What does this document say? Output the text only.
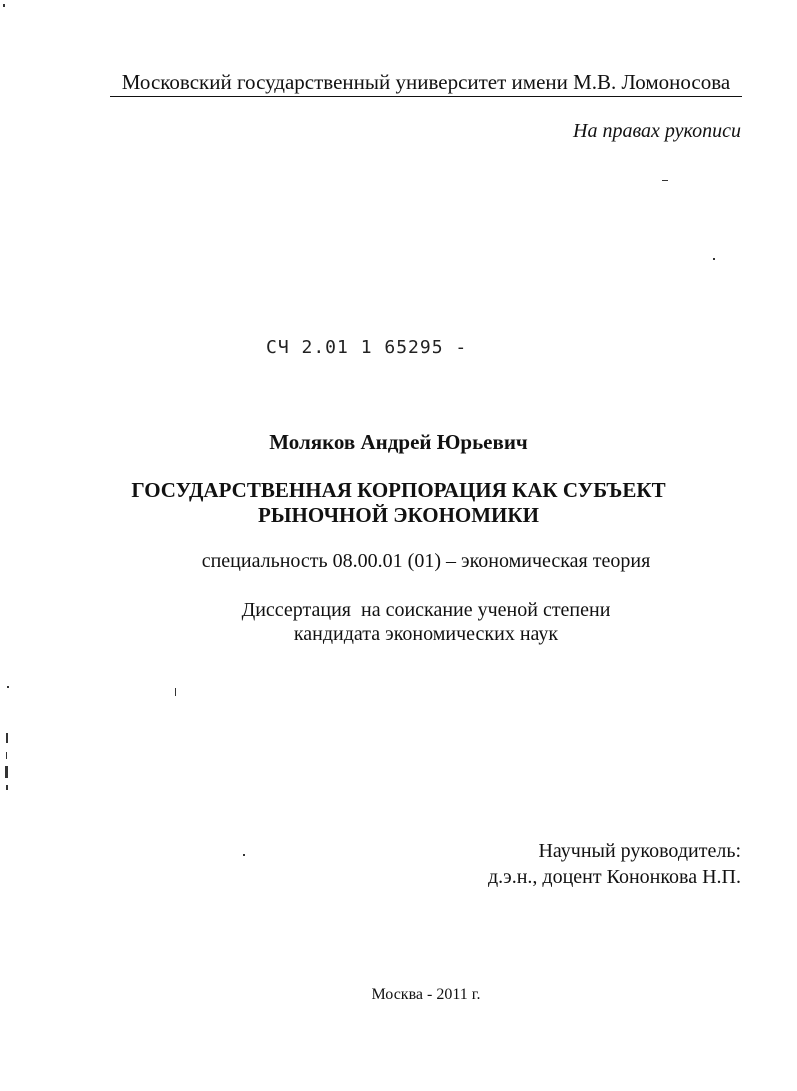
Московский государственный университет имени М.В. Ломоносова
На правах рукописи
СЧ 2.01 1 65295 -
Моляков Андрей Юрьевич
ГОСУДАРСТВЕННАЯ КОРПОРАЦИЯ КАК СУБЪЕКТ
РЫНОЧНОЙ ЭКОНОМИКИ
специальность 08.00.01 (01) – экономическая теория
Диссертация  на соискание ученой степени
кандидата экономических наук
Научный руководитель:
д.э.н., доцент Кононкова Н.П.
Москва - 2011 г.
